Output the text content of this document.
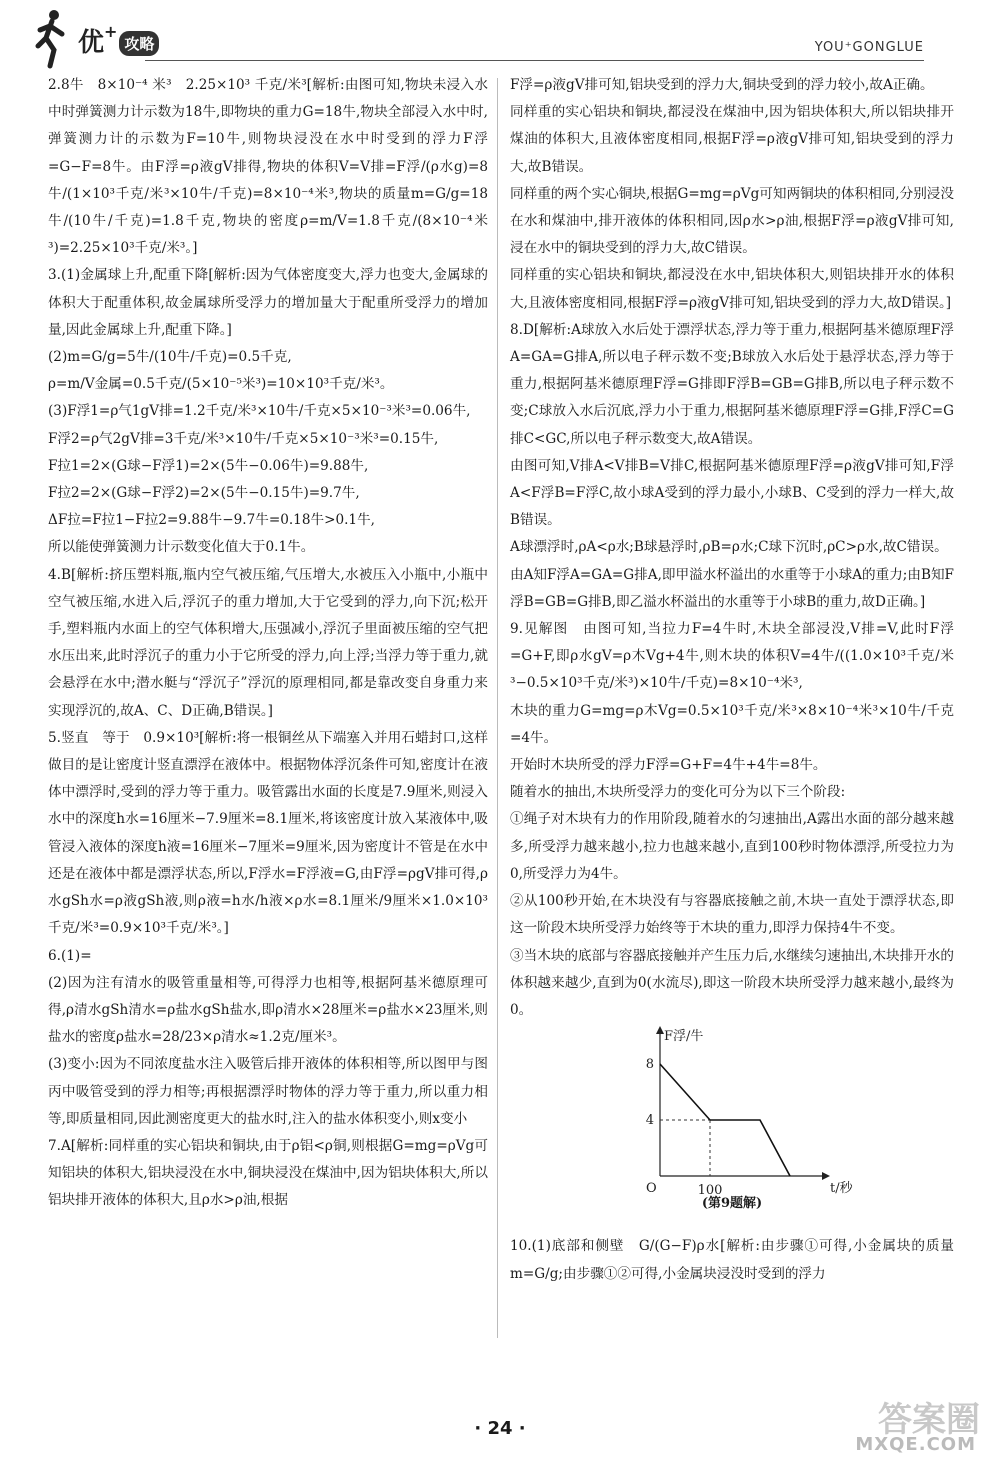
优+攻略	YOU⁺GONGLUE

2.8牛　8×10⁻⁴ 米³　2.25×10³ 千克/米³[解析:由图可知,物块未浸入水中时弹簧测力计示数为18牛,即物块的重力G=18牛,物块全部浸入水中时,弹簧测力计的示数为F=10牛,则物块浸没在水中时受到的浮力F浮=G−F=8牛。由F浮=ρ液gV排得,物块的体积V=V排=F浮/(ρ水g)=8牛/(1×10³千克/米³×10牛/千克)=8×10⁻⁴米³,物块的质量m=G/g=18牛/(10牛/千克)=1.8千克,物块的密度ρ=m/V=1.8千克/(8×10⁻⁴米³)=2.25×10³千克/米³。]

3.(1)金属球上升,配重下降[解析:因为气体密度变大,浮力也变大,金属球的体积大于配重体积,故金属球所受浮力的增加量大于配重所受浮力的增加量,因此金属球上升,配重下降。]

(2)m=G/g=5牛/(10牛/千克)=0.5千克,

ρ=m/V金属=0.5千克/(5×10⁻⁵米³)=10×10³千克/米³。

(3)F浮1=ρ气1gV排=1.2千克/米³×10牛/千克×5×10⁻³米³=0.06牛,

F浮2=ρ气2gV排=3千克/米³×10牛/千克×5×10⁻³米³=0.15牛,

F拉1=2×(G球−F浮1)=2×(5牛−0.06牛)=9.88牛,

F拉2=2×(G球−F浮2)=2×(5牛−0.15牛)=9.7牛,

ΔF拉=F拉1−F拉2=9.88牛−9.7牛=0.18牛>0.1牛,

所以能使弹簧测力计示数变化值大于0.1牛。

4.B[解析:挤压塑料瓶,瓶内空气被压缩,气压增大,水被压入小瓶中,小瓶中空气被压缩,水进入后,浮沉子的重力增加,大于它受到的浮力,向下沉;松开手,塑料瓶内水面上的空气体积增大,压强减小,浮沉子里面被压缩的空气把水压出来,此时浮沉子的重力小于它所受的浮力,向上浮;当浮力等于重力,就会悬浮在水中;潜水艇与“浮沉子”浮沉的原理相同,都是靠改变自身重力来实现浮沉的,故A、C、D正确,B错误。]

5.竖直　等于　0.9×10³[解析:将一根铜丝从下端塞入并用石蜡封口,这样做目的是让密度计竖直漂浮在液体中。根据物体浮沉条件可知,密度计在液体中漂浮时,受到的浮力等于重力。吸管露出水面的长度是7.9厘米,则浸入水中的深度h水=16厘米−7.9厘米=8.1厘米,将该密度计放入某液体中,吸管浸入液体的深度h液=16厘米−7厘米=9厘米,因为密度计不管是在水中还是在液体中都是漂浮状态,所以,F浮水=F浮液=G,由F浮=ρgV排可得,ρ水gSh水=ρ液gSh液,则ρ液=h水/h液×ρ水=8.1厘米/9厘米×1.0×10³千克/米³=0.9×10³千克/米³。]

6.(1)=

(2)因为注有清水的吸管重量相等,可得浮力也相等,根据阿基米德原理可得,ρ清水gSh清水=ρ盐水gSh盐水,即ρ清水×28厘米=ρ盐水×23厘米,则盐水的密度ρ盐水=28/23×ρ清水≈1.2克/厘米³。

(3)变小:因为不同浓度盐水注入吸管后排开液体的体积相等,所以图甲与图丙中吸管受到的浮力相等;再根据漂浮时物体的浮力等于重力,所以重力相等,即质量相同,因此测密度更大的盐水时,注入的盐水体积变小,则x变小

7.A[解析:同样重的实心铝块和铜块,由于ρ铝<ρ铜,则根据G=mg=ρVg可知铝块的体积大,铝块浸没在水中,铜块浸没在煤油中,因为铝块体积大,所以铝块排开液体的体积大,且ρ水>ρ油,根据

F浮=ρ液gV排可知,铝块受到的浮力大,铜块受到的浮力较小,故A正确。

同样重的实心铝块和铜块,都浸没在煤油中,因为铝块体积大,所以铝块排开煤油的体积大,且液体密度相同,根据F浮=ρ液gV排可知,铝块受到的浮力大,故B错误。

同样重的两个实心铜块,根据G=mg=ρVg可知两铜块的体积相同,分别浸没在水和煤油中,排开液体的体积相同,因ρ水>ρ油,根据F浮=ρ液gV排可知,浸在水中的铜块受到的浮力大,故C错误。

同样重的实心铝块和铜块,都浸没在水中,铝块体积大,则铝块排开水的体积大,且液体密度相同,根据F浮=ρ液gV排可知,铝块受到的浮力大,故D错误。]

8.D[解析:A球放入水后处于漂浮状态,浮力等于重力,根据阿基米德原理F浮A=GA=G排A,所以电子秤示数不变;B球放入水后处于悬浮状态,浮力等于重力,根据阿基米德原理F浮=G排即F浮B=GB=G排B,所以电子秤示数不变;C球放入水后沉底,浮力小于重力,根据阿基米德原理F浮=G排,F浮C=G排C<GC,所以电子秤示数变大,故A错误。

由图可知,V排A<V排B=V排C,根据阿基米德原理F浮=ρ液gV排可知,F浮A<F浮B=F浮C,故小球A受到的浮力最小,小球B、C受到的浮力一样大,故B错误。

A球漂浮时,ρA<ρ水;B球悬浮时,ρB=ρ水;C球下沉时,ρC>ρ水,故C错误。

由A知F浮A=GA=G排A,即甲溢水杯溢出的水重等于小球A的重力;由B知F浮B=GB=G排B,即乙溢水杯溢出的水重等于小球B的重力,故D正确。]

9.见解图　由图可知,当拉力F=4牛时,木块全部浸没,V排=V,此时F浮=G+F,即ρ水gV=ρ木Vg+4牛,则木块的体积V=4牛/((1.0×10³千克/米³−0.5×10³千克/米³)×10牛/千克)=8×10⁻⁴米³,

木块的重力G=mg=ρ木Vg=0.5×10³千克/米³×8×10⁻⁴米³×10牛/千克=4牛。

开始时木块所受的浮力F浮=G+F=4牛+4牛=8牛。

随着水的抽出,木块所受浮力的变化可分为以下三个阶段:

①绳子对木块有力的作用阶段,随着水的匀速抽出,A露出水面的部分越来越多,所受浮力越来越小,拉力也越来越小,直到100秒时物体漂浮,所受拉力为0,所受浮力为4牛。

②从100秒开始,在木块没有与容器底接触之前,木块一直处于漂浮状态,即这一阶段木块所受浮力始终等于木块的重力,即浮力保持4牛不变。

③当木块的底部与容器底接触并产生压力后,水继续匀速抽出,木块排开水的体积越来越少,直到为0(水流尽),即这一阶段木块所受浮力越来越小,最终为0。

F浮/牛
t/秒
O
8
4
100
(第9题解)

10.(1)底部和侧壁　G/(G−F)ρ水[解析:由步骤①可得,小金属块的质量m=G/g;由步骤①②可得,小金属块浸没时受到的浮力

· 24 ·	答案圈
MXQE.COM
